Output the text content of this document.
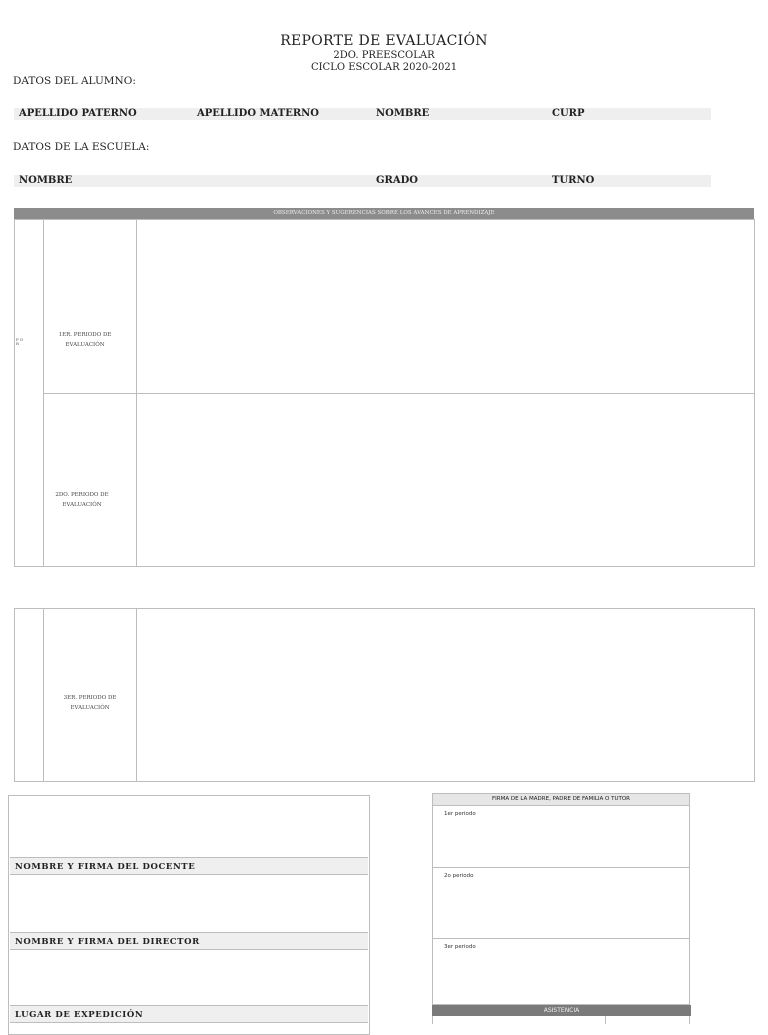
REPORTE DE EVALUACIÓN
2DO. PREESCOLAR
CICLO ESCOLAR 2020-2021
DATOS DEL ALUMNO:
APELLIDO PATERNO	APELLIDO MATERNO	NOMBRE	CURP
DATOS DE LA ESCUELA:
NOMBRE	GRADO	TURNO
OBSERVACIONES Y SUGERENCIAS SOBRE LOS AVANCES DE APRENDIZAJE
F O R
1ER. PERIODO DE EVALUACIÓN
2DO. PERIODO DE EVALUACIÓN
3ER. PERIODO DE EVALUACIÓN
NOMBRE Y FIRMA DEL DOCENTE
NOMBRE Y FIRMA DEL DIRECTOR
LUGAR DE EXPEDICIÓN
FIRMA DE LA MADRE, PADRE DE FAMILIA O TUTOR
1er periodo
2o periodo
3er periodo
ASISTENCIA
